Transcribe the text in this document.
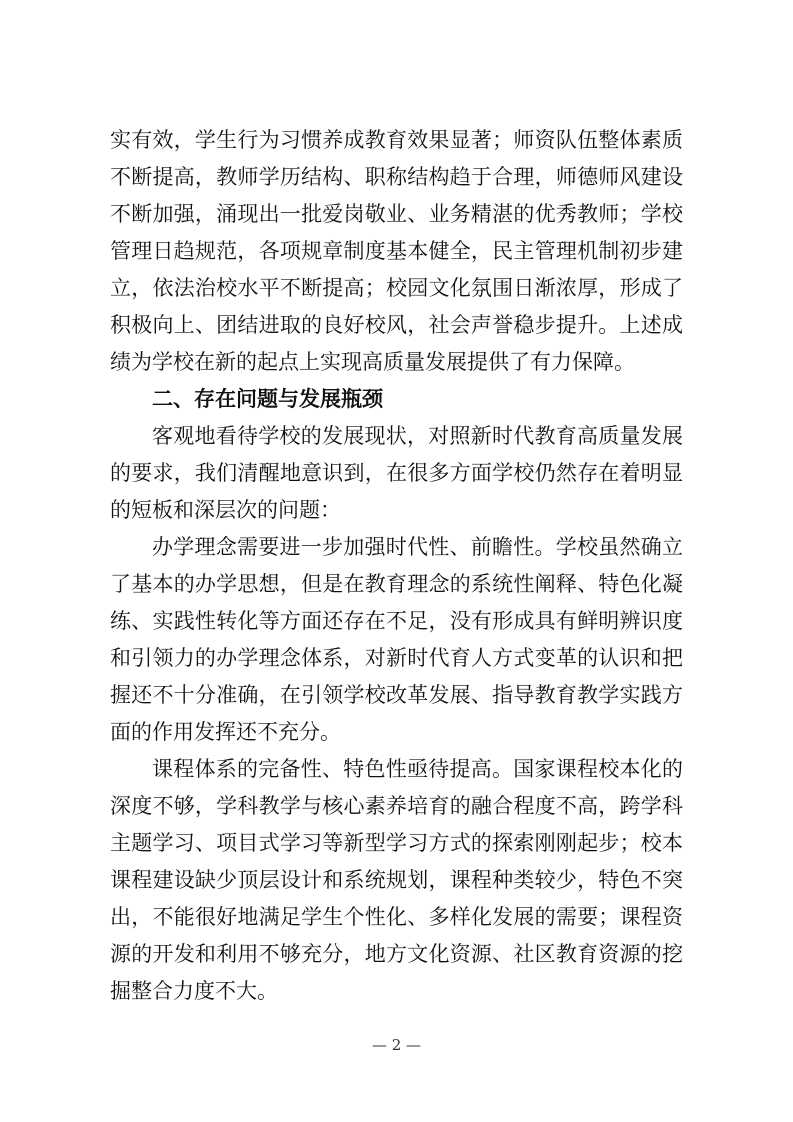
实有效，学生行为习惯养成教育效果显著；师资队伍整体素质
不断提高，教师学历结构、职称结构趋于合理，师德师风建设
不断加强，涌现出一批爱岗敬业、业务精湛的优秀教师；学校
管理日趋规范，各项规章制度基本健全，民主管理机制初步建
立，依法治校水平不断提高；校园文化氛围日渐浓厚，形成了
积极向上、团结进取的良好校风，社会声誉稳步提升。上述成
绩为学校在新的起点上实现高质量发展提供了有力保障。
二、存在问题与发展瓶颈
客观地看待学校的发展现状，对照新时代教育高质量发展
的要求，我们清醒地意识到，在很多方面学校仍然存在着明显
的短板和深层次的问题：
办学理念需要进一步加强时代性、前瞻性。学校虽然确立
了基本的办学思想，但是在教育理念的系统性阐释、特色化凝
练、实践性转化等方面还存在不足，没有形成具有鲜明辨识度
和引领力的办学理念体系，对新时代育人方式变革的认识和把
握还不十分准确，在引领学校改革发展、指导教育教学实践方
面的作用发挥还不充分。
课程体系的完备性、特色性亟待提高。国家课程校本化的
深度不够，学科教学与核心素养培育的融合程度不高，跨学科
主题学习、项目式学习等新型学习方式的探索刚刚起步；校本
课程建设缺少顶层设计和系统规划，课程种类较少，特色不突
出，不能很好地满足学生个性化、多样化发展的需要；课程资
源的开发和利用不够充分，地方文化资源、社区教育资源的挖
掘整合力度不大。
— 2 —
